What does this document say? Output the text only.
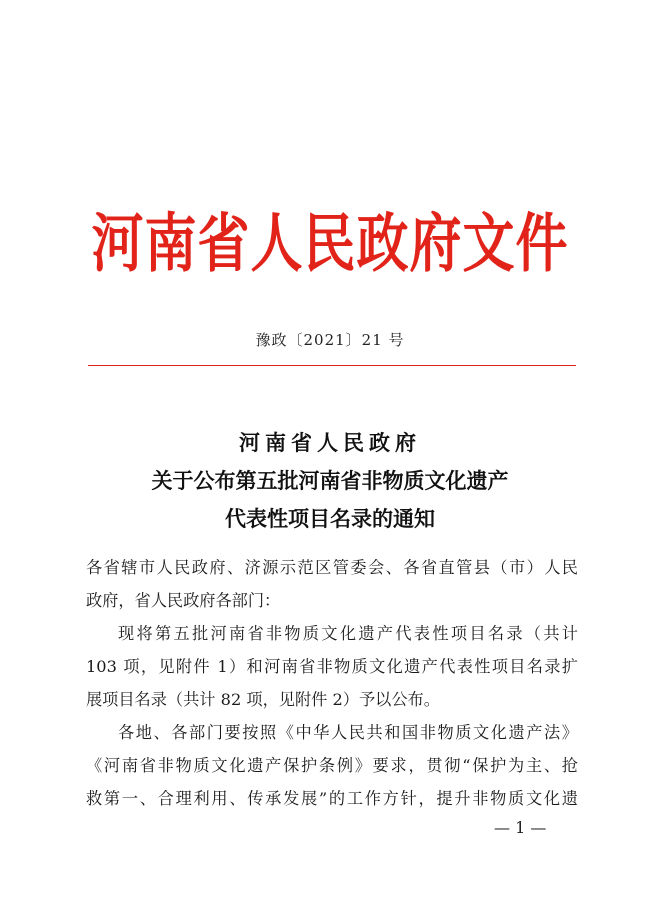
河南省人民政府文件
豫政〔2021〕21 号
河南省人民政府
关于公布第五批河南省非物质文化遗产
代表性项目名录的通知
各省辖市人民政府、济源示范区管委会、各省直管县（市）人民
政府，省人民政府各部门：
现将第五批河南省非物质文化遗产代表性项目名录（共计
103 项，见附件 1）和河南省非物质文化遗产代表性项目名录扩
展项目名录（共计 82 项，见附件 2）予以公布。
各地、各部门要按照《中华人民共和国非物质文化遗产法》
《河南省非物质文化遗产保护条例》要求，贯彻“保护为主、抢
救第一、合理利用、传承发展”的工作方针，提升非物质文化遗
— 1 —
